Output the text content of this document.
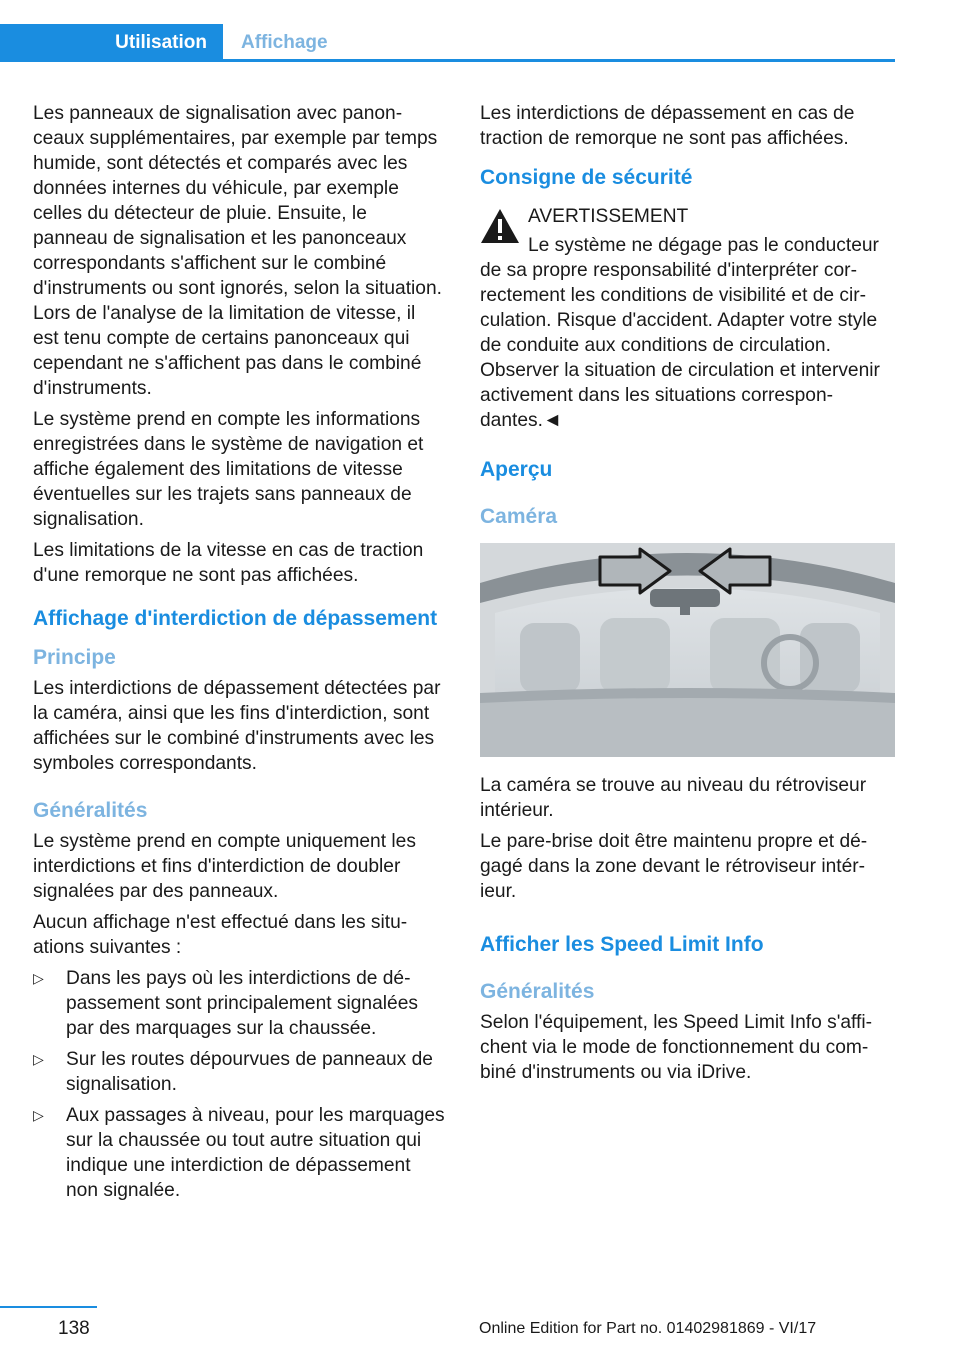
Utilisation Affichage

Les panneaux de signalisation avec panonceaux supplémentaires, par exemple par temps humide, sont détectés et comparés avec les données internes du véhicule, par exemple celles du détecteur de pluie. Ensuite, le panneau de signalisation et les panonceaux correspondants s'affichent sur le combiné d'instruments ou sont ignorés, selon la situation. Lors de l'analyse de la limitation de vitesse, il est tenu compte de certains panonceaux qui cependant ne s'affichent pas dans le combiné d'instruments.

Le système prend en compte les informations enregistrées dans le système de navigation et affiche également des limitations de vitesse éventuelles sur les trajets sans panneaux de signalisation.

Les limitations de la vitesse en cas de traction d'une remorque ne sont pas affichées.

Affichage d'interdiction de dépassement
Principe

Les interdictions de dépassement détectées par la caméra, ainsi que les fins d'interdiction, sont affichées sur le combiné d'instruments avec les symboles correspondants.

Généralités

Le système prend en compte uniquement les interdictions et fins d'interdiction de doubler signalées par des panneaux.

Aucun affichage n'est effectué dans les situations suivantes :

▷ Dans les pays où les interdictions de dépassement sont principalement signalées par des marquages sur la chaussée.
▷ Sur les routes dépourvues de panneaux de signalisation.
▷ Aux passages à niveau, pour les marquages sur la chaussée ou tout autre situation qui indique une interdiction de dépassement non signalée.

Les interdictions de dépassement en cas de traction de remorque ne sont pas affichées.

Consigne de sécurité

AVERTISSEMENT

Le système ne dégage pas le conducteur

de sa propre responsabilité d'interpréter correctement les conditions de visibilité et de circulation. Risque d'accident. Adapter votre style de conduite aux conditions de circulation. Observer la situation de circulation et intervenir activement dans les situations correspondantes.◄

Aperçu
Caméra

La caméra se trouve au niveau du rétroviseur intérieur.

Le pare-brise doit être maintenu propre et dégagé dans la zone devant le rétroviseur intérieur.

Afficher les Speed Limit Info
Généralités

Selon l'équipement, les Speed Limit Info s'affichent via le mode de fonctionnement du combiné d'instruments ou via iDrive.

138	Online Edition for Part no. 01402981869 - VI/17
